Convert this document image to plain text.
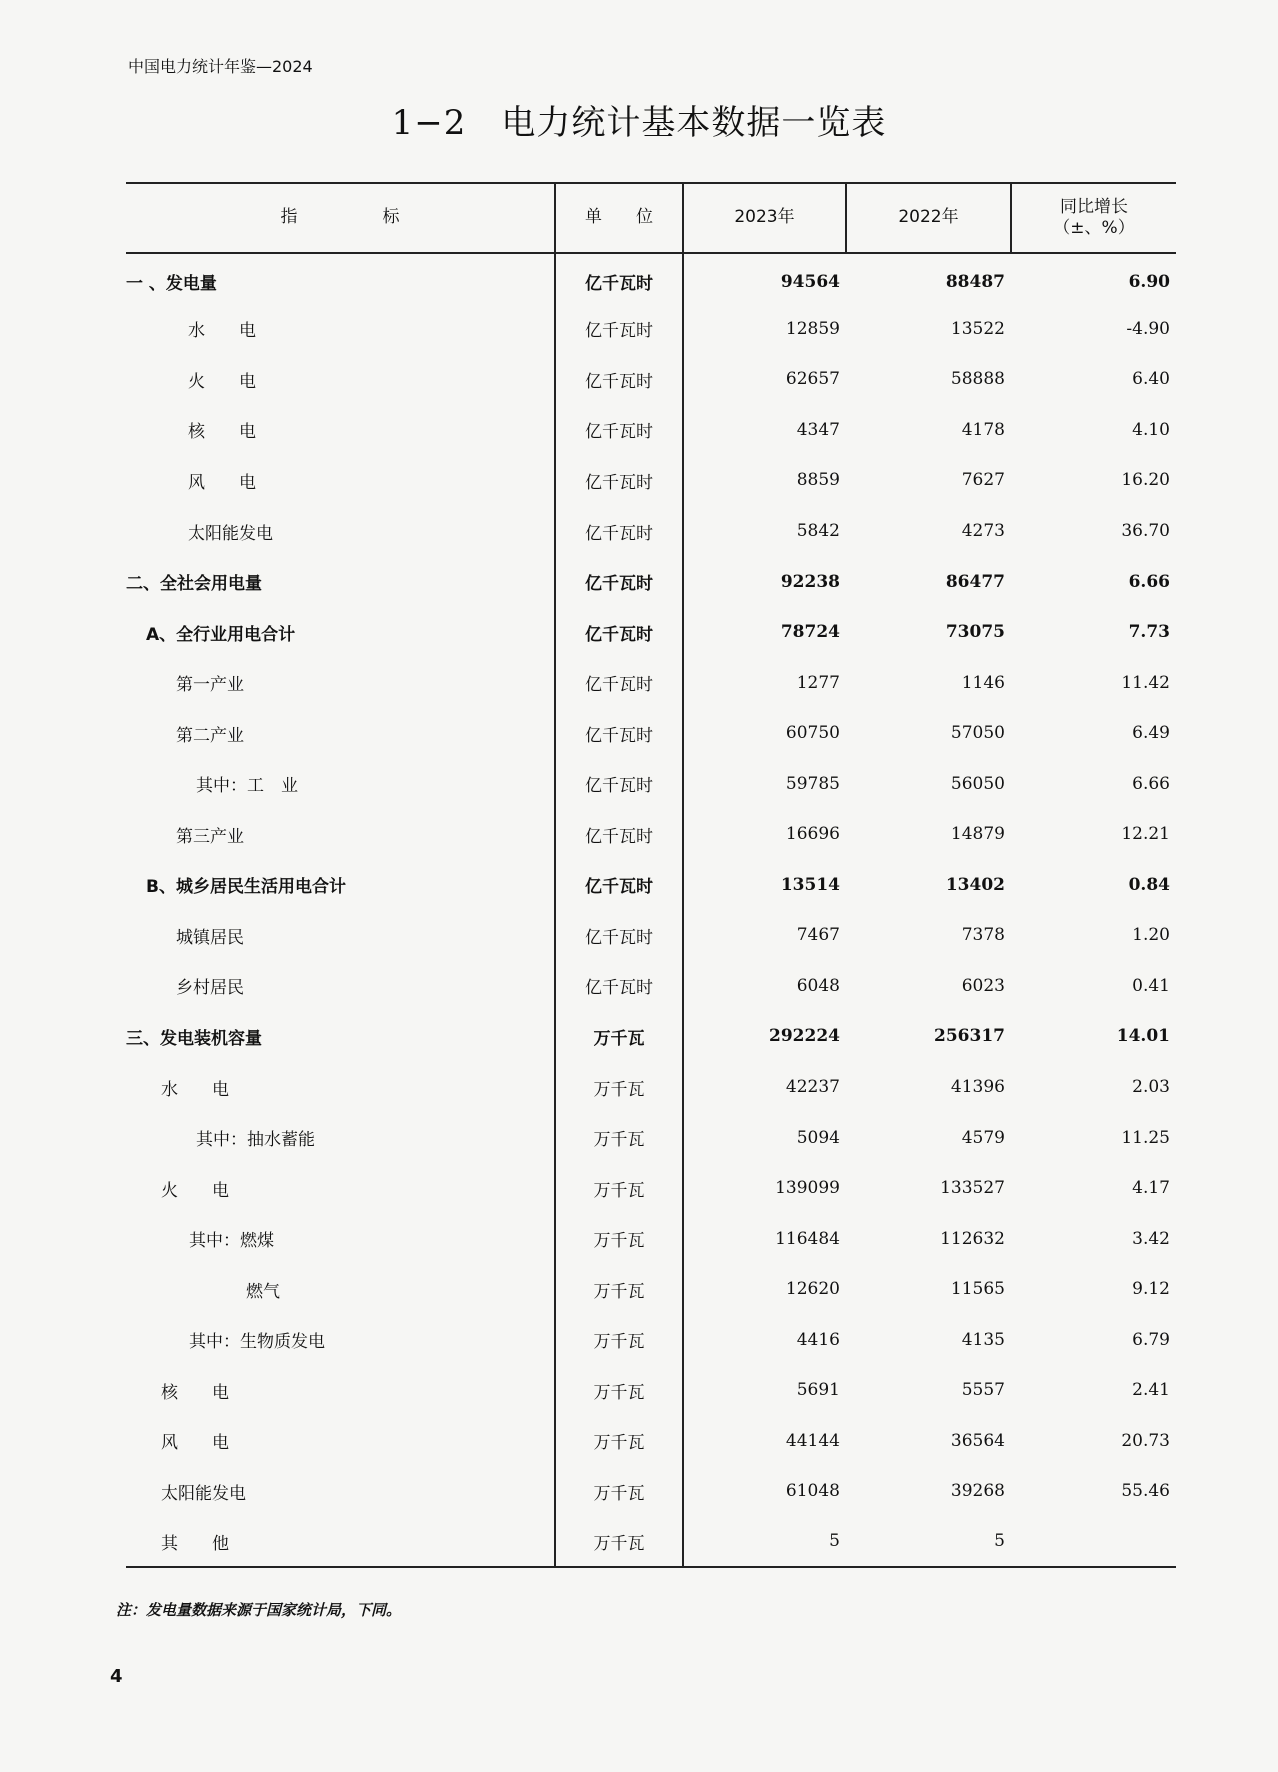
中国电力统计年鉴—2024
1−2　电力统计基本数据一览表
指　　　　　标	单　　位	2023年	2022年	同比增长
（±、%）
一 、发电量	亿千瓦时	94564	88487	6.90
水　　电	亿千瓦时	12859	13522	-4.90
火　　电	亿千瓦时	62657	58888	6.40
核　　电	亿千瓦时	4347	4178	4.10
风　　电	亿千瓦时	8859	7627	16.20
太阳能发电	亿千瓦时	5842	4273	36.70
二、全社会用电量	亿千瓦时	92238	86477	6.66
A、全行业用电合计	亿千瓦时	78724	73075	7.73
第一产业	亿千瓦时	1277	1146	11.42
第二产业	亿千瓦时	60750	57050	6.49
其中：工　业	亿千瓦时	59785	56050	6.66
第三产业	亿千瓦时	16696	14879	12.21
B、城乡居民生活用电合计	亿千瓦时	13514	13402	0.84
城镇居民	亿千瓦时	7467	7378	1.20
乡村居民	亿千瓦时	6048	6023	0.41
三、发电装机容量	万千瓦	292224	256317	14.01
水　　电	万千瓦	42237	41396	2.03
其中：抽水蓄能	万千瓦	5094	4579	11.25
火　　电	万千瓦	139099	133527	4.17
其中：燃煤	万千瓦	116484	112632	3.42
燃气	万千瓦	12620	11565	9.12
其中：生物质发电	万千瓦	4416	4135	6.79
核　　电	万千瓦	5691	5557	2.41
风　　电	万千瓦	44144	36564	20.73
太阳能发电	万千瓦	61048	39268	55.46
其　　他	万千瓦	5	5	
注：发电量数据来源于国家统计局，下同。
4
